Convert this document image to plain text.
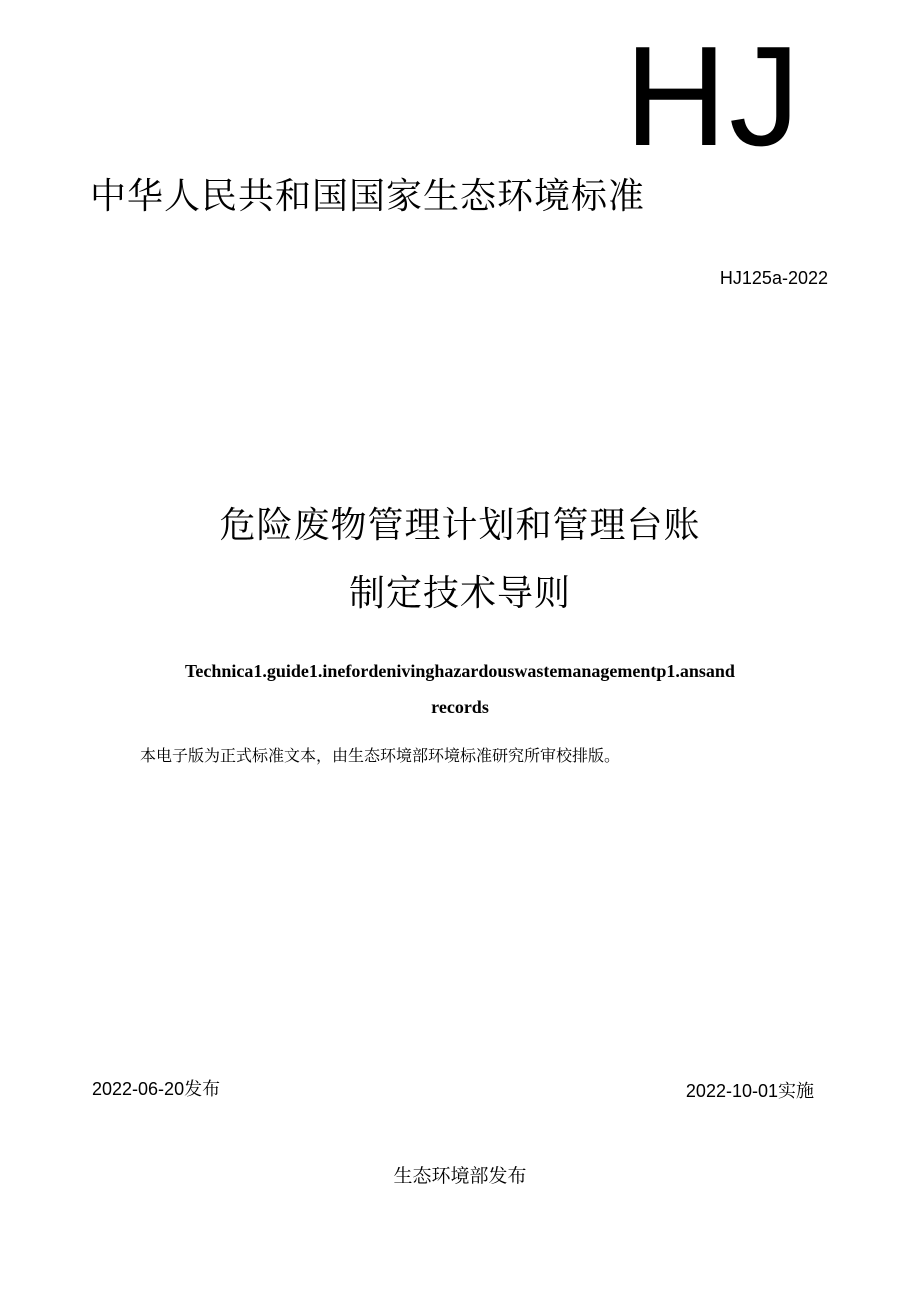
HJ
中华人民共和国国家生态环境标准
HJ125a-2022
危险废物管理计划和管理台账
制定技术导则
Technica1.guide1.inefordenivinghazardouswastemanagementp1.ansand
records
本电子版为正式标准文本，由生态环境部环境标准研究所审校排版。
2022-06-20发布	2022-10-01实施
生态环境部发布
